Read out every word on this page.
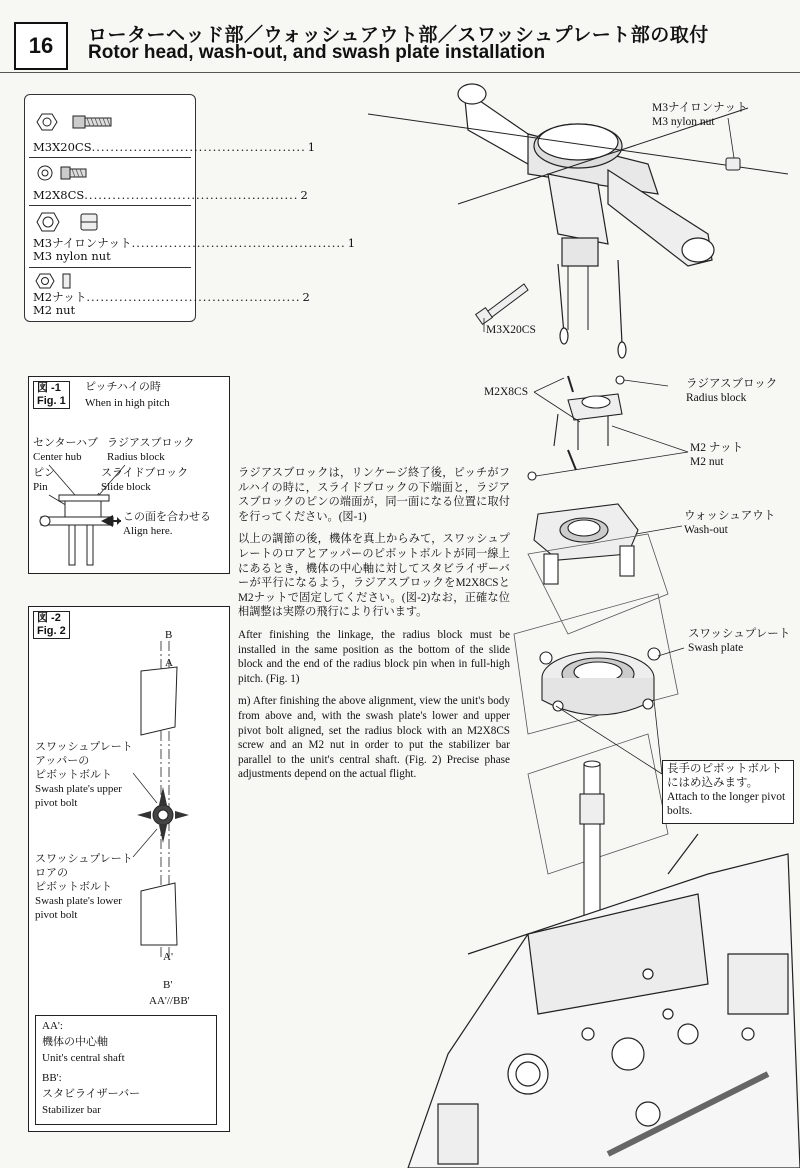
16 ローターヘッド部／ウォッシュアウト部／スワッシュプレート部の取付
Rotor head, wash-out, and swash plate installation
M3X20CS .............................................. 1
M2X8CS .............................................. 2
M3ナイロンナット .............................................. 1
M3 nylon nut
M2ナット .............................................. 2
M2 nut
図 -1
Fig. 1
ピッチハイの時
When in high pitch
センターハブ
Center hub
ラジアスブロック
Radius block
ピン
Pin
スライドブロック
Slide block
この面を合わせる
Align here.
図 -2
Fig. 2	B
A
スワッシュプレート
アッパーの
ピボットボルト
Swash plate's upper
pivot bolt
スワッシュプレート
ロアの
ピボットボルト
Swash plate's lower
pivot bolt
A'
B'
AA'//BB'
AA':
機体の中心軸
Unit's central shaft
BB':
スタビライザーバー
Stabilizer bar

ラジアスブロックは，リンケージ終了後，ピッチがフルハイの時に，スライドブロックの下端面と，ラジアスブロックのピンの端面が，同一面になる位置に取付を行ってください。(図-1)

以上の調節の後，機体を真上からみて，スワッシュプレートのロアとアッパーのピボットボルトが同一線上にあるとき，機体の中心軸に対してスタビライザーバーが平行になるよう，ラジアスブロックをM2X8CSとM2ナットで固定してください。(図-2)なお，正確な位相調整は実際の飛行により行います。

After finishing the linkage, the radius block must be installed in the same position as the bottom of the slide block and the end of the radius block pin when in full-high pitch. (Fig. 1)

m) After finishing the above alignment, view the unit's body from above and, with the swash plate's lower and upper pivot bolt aligned, set the radius block with an M2X8CS screw and an M2 nut in order to put the stabilizer bar parallel to the unit's central shaft. (Fig. 2) Precise phase adjustments depend on the actual flight.

M3ナイロンナット
M3 nylon nut
M3X20CS
M2X8CS
ラジアスブロック
Radius block
M2 ナット
M2 nut
ウォッシュアウト
Wash-out
スワッシュプレート
Swash plate
長手のピボットボルト
にはめ込みます。
Attach to the longer pivot
bolts.
